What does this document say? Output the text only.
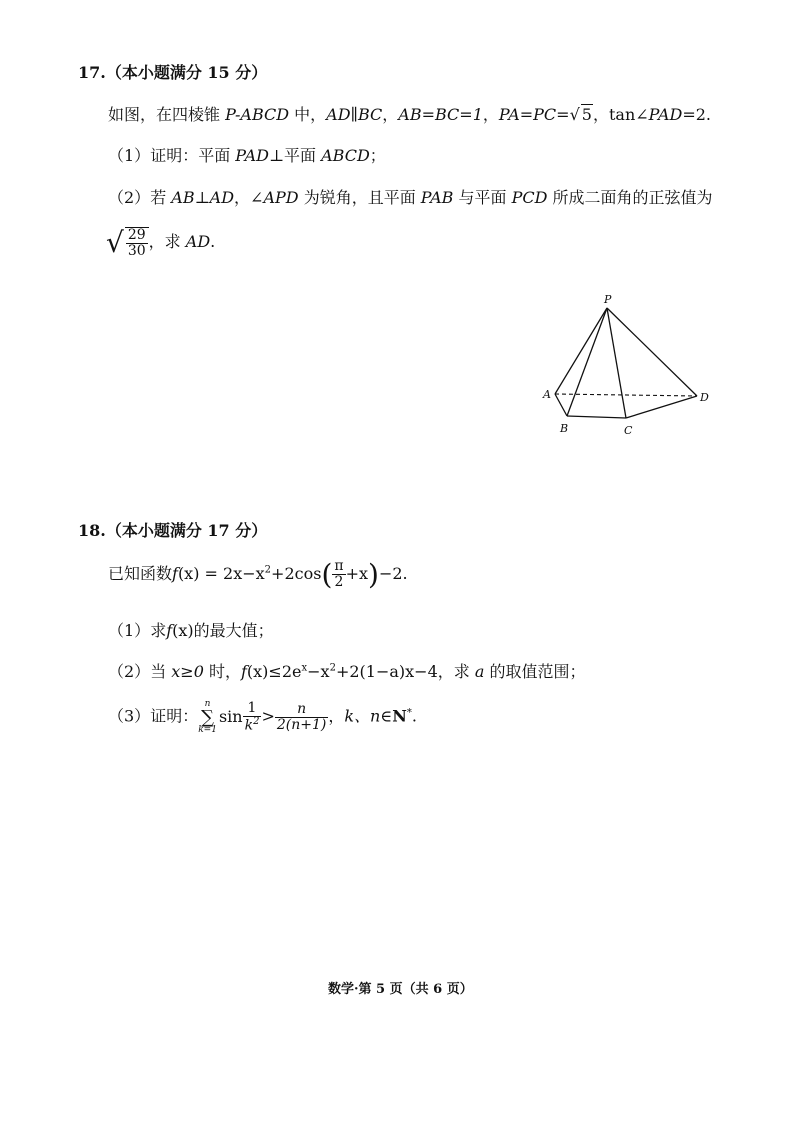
17.（本小题满分 15 分）
如图，在四棱锥 P-ABCD 中，AD∥BC，AB=BC=1，PA=PC=√ 5，tan∠PAD=2.
（1）证明：平面 PAD⊥平面 ABCD；
（2）若 AB⊥AD，∠APD 为锐角，且平面 PAB 与平面 PCD 所成二面角的正弦值为
√ $\frac{29}{30}$ ，求 AD.
P
A
B	C
D
18.（本小题满分 17 分）
已知函数$f(x) = 2x-x^2+2\cos( \frac{\pi}{2} +x)-2$.
（1）求f(x)的最大值；
（2）当 x≥0 时，$f(x)\le 2e^x-x^2+2(1-a)x-4$，求 a 的取值范围；
（3）证明：
n
∑
k=1
$\sin \frac{1}{k^2} > \frac{n}{2(n+1)}$ ，k、n∈N*.
数学·第 5 页（共 6 页）
